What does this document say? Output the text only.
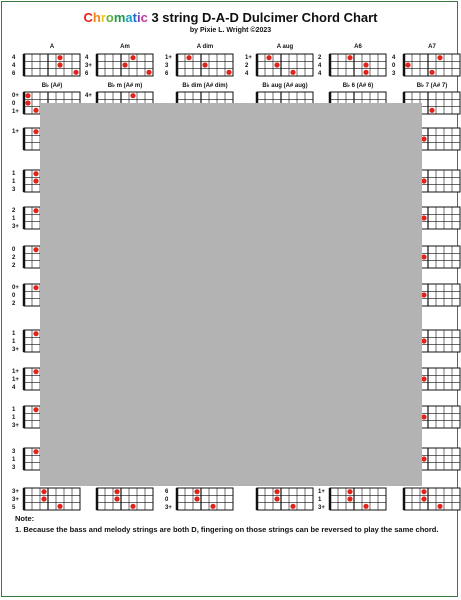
Chromatic 3 string D-A-D Dulcimer Chord Chart
by Pixie L. Wright ©2023
A
4
4
6
Am
4
3+
6
A dim
1+
3
6
A aug
1+
2
4
A6
2
4
4
A7
4
0
3
B♭ (A#)
0+
0
1+
B♭ m (A# m)
4+

B♭ dim (A# dim)

	B♭ aug (A# aug)

	B♭ 6 (A# 6)

	B♭ 7 (A# 7)

1+

1
1
3

2
1
3+

0
2
2

0+
0
2

1
1
3+

1+
1+
4

1
1
3+

3
1
3

3+
3+
5

6
0
3+

1+
1
3+

Note:
1. Because the bass and melody strings are both D, fingering on those strings can be reversed to play the same chord.
